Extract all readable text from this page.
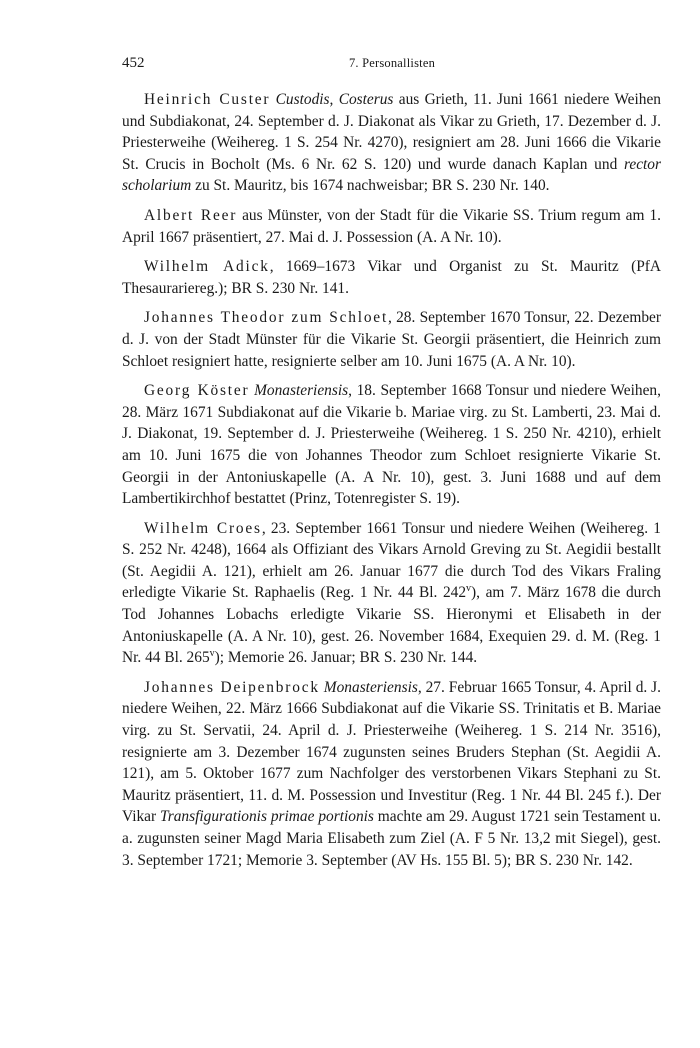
452	7. Personallisten

Heinrich Custer Custodis, Costerus aus Grieth, 11. Juni 1661 niedere Weihen und Subdiakonat, 24. September d. J. Diakonat als Vikar zu Grieth, 17. Dezember d. J. Priesterweihe (Weihereg. 1 S. 254 Nr. 4270), resigniert am 28. Juni 1666 die Vikarie St. Crucis in Bocholt (Ms. 6 Nr. 62 S. 120) und wurde danach Kaplan und rector scholarium zu St. Mauritz, bis 1674 nachweisbar; BR S. 230 Nr. 140.

Albert Reer aus Münster, von der Stadt für die Vikarie SS. Trium regum am 1. April 1667 präsentiert, 27. Mai d. J. Possession (A. A Nr. 10).

Wilhelm Adick, 1669–1673 Vikar und Organist zu St. Mauritz (PfA Thesaurariereg.); BR S. 230 Nr. 141.

Johannes Theodor zum Schloet, 28. September 1670 Tonsur, 22. Dezember d. J. von der Stadt Münster für die Vikarie St. Georgii präsentiert, die Heinrich zum Schloet resigniert hatte, resignierte selber am 10. Juni 1675 (A. A Nr. 10).

Georg Köster Monasteriensis, 18. September 1668 Tonsur und niedere Weihen, 28. März 1671 Subdiakonat auf die Vikarie b. Mariae virg. zu St. Lamberti, 23. Mai d. J. Diakonat, 19. September d. J. Priesterweihe (Weihereg. 1 S. 250 Nr. 4210), erhielt am 10. Juni 1675 die von Johannes Theodor zum Schloet resignierte Vikarie St. Georgii in der Antoniuskapelle (A. A Nr. 10), gest. 3. Juni 1688 und auf dem Lambertikirchhof bestattet (Prinz, Totenregister S. 19).

Wilhelm Croes, 23. September 1661 Tonsur und niedere Weihen (Weihereg. 1 S. 252 Nr. 4248), 1664 als Offiziant des Vikars Arnold Greving zu St. Aegidii bestallt (St. Aegidii A. 121), erhielt am 26. Januar 1677 die durch Tod des Vikars Fraling erledigte Vikarie St. Raphaelis (Reg. 1 Nr. 44 Bl. 242$^v$), am 7. März 1678 die durch Tod Johannes Lobachs erledigte Vikarie SS. Hieronymi et Elisabeth in der Antoniuskapelle (A. A Nr. 10), gest. 26. November 1684, Exequien 29. d. M. (Reg. 1 Nr. 44 Bl. 265$^v$); Memorie 26. Januar; BR S. 230 Nr. 144.

Johannes Deipenbrock Monasteriensis, 27. Februar 1665 Tonsur, 4. April d. J. niedere Weihen, 22. März 1666 Subdiakonat auf die Vikarie SS. Trinitatis et B. Mariae virg. zu St. Servatii, 24. April d. J. Priesterweihe (Weihereg. 1 S. 214 Nr. 3516), resignierte am 3. Dezember 1674 zugunsten seines Bruders Stephan (St. Aegidii A. 121), am 5. Oktober 1677 zum Nachfolger des verstorbenen Vikars Stephani zu St. Mauritz präsentiert, 11. d. M. Possession und Investitur (Reg. 1 Nr. 44 Bl. 245 f.). Der Vikar Transfigurationis primae portionis machte am 29. August 1721 sein Testament u. a. zugunsten seiner Magd Maria Elisabeth zum Ziel (A. F 5 Nr. 13,2 mit Siegel), gest. 3. September 1721; Memorie 3. September (AV Hs. 155 Bl. 5); BR S. 230 Nr. 142.
